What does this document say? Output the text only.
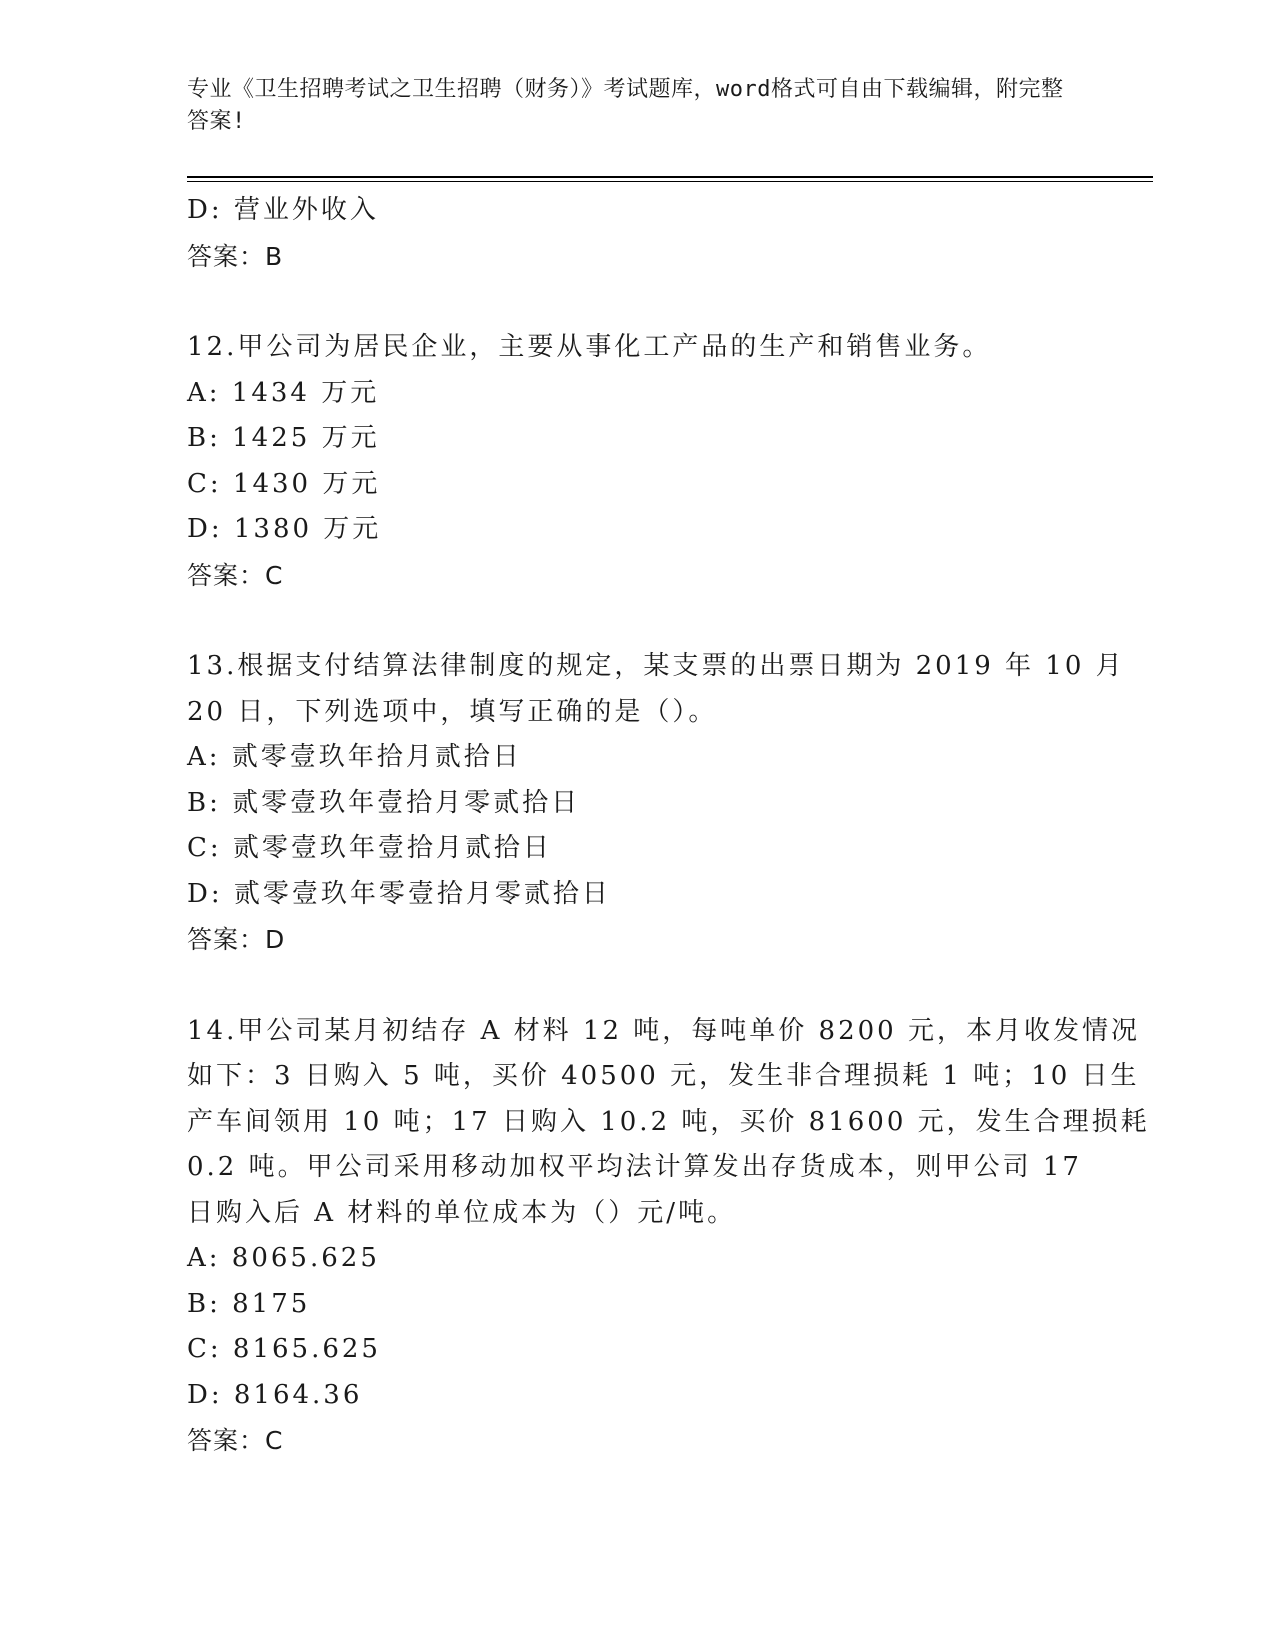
专业《卫生招聘考试之卫生招聘（财务）》考试题库，word格式可自由下载编辑，附完整答案!
D: 营业外收入
答案：B
12.甲公司为居民企业，主要从事化工产品的生产和销售业务。
A: 1434 万元
B: 1425 万元
C: 1430 万元
D: 1380 万元
答案：C
13.根据支付结算法律制度的规定，某支票的出票日期为 2019 年 10 月
20 日，下列选项中，填写正确的是（）。
A: 贰零壹玖年拾月贰拾日
B: 贰零壹玖年壹拾月零贰拾日
C: 贰零壹玖年壹拾月贰拾日
D: 贰零壹玖年零壹拾月零贰拾日
答案：D
14.甲公司某月初结存 A 材料 12 吨，每吨单价 8200 元，本月收发情况
如下：3 日购入 5 吨，买价 40500 元，发生非合理损耗 1 吨；10 日生
产车间领用 10 吨；17 日购入 10.2 吨，买价 81600 元，发生合理损耗
0.2 吨。甲公司采用移动加权平均法计算发出存货成本，则甲公司 17
日购入后 A 材料的单位成本为（）元/吨。
A: 8065.625
B: 8175
C: 8165.625
D: 8164.36
答案：C
